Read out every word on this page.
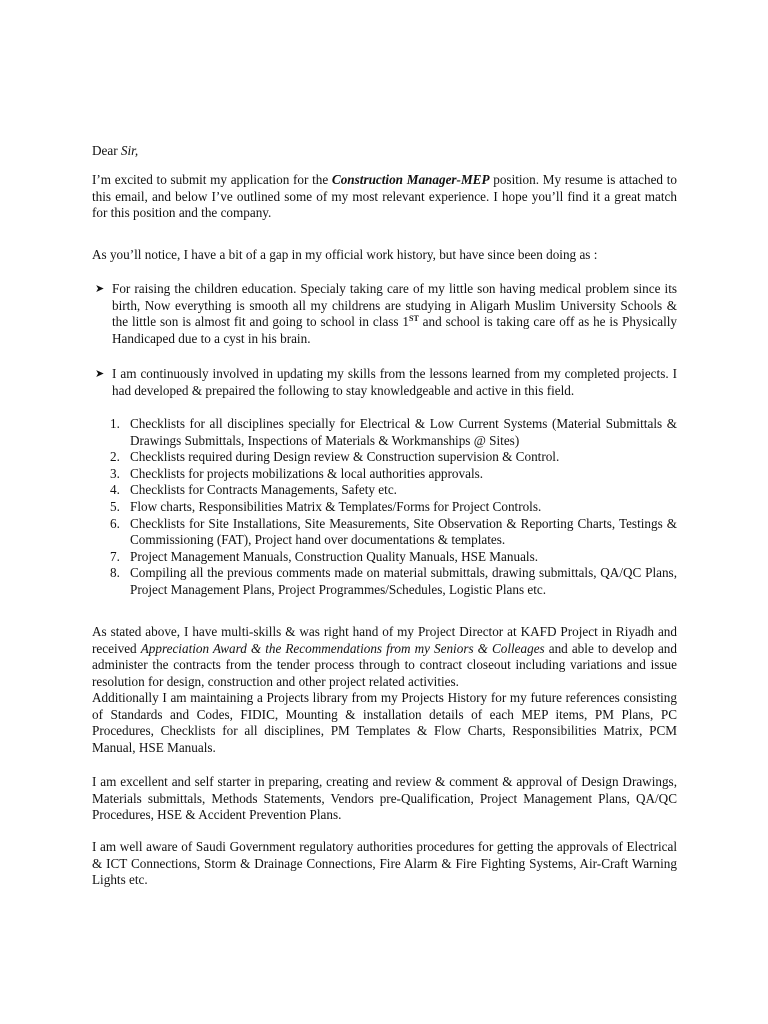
Dear Sir,

I’m excited to submit my application for the Construction Manager-MEP position. My resume is attached to this email, and below I’ve outlined some of my most relevant experience. I hope you’ll find it a great match for this position and the company.

As you’ll notice, I have a bit of a gap in my official work history, but have since been doing as :

➤ For raising the children education. Specialy taking care of my little son having medical problem since its birth, Now everything is smooth all my childrens are studying in Aligarh Muslim University Schools & the little son is almost fit and going to school in class 1ST and school is taking care off as he is Physically Handicaped due to a cyst in his brain.
➤ I am continuously involved in updating my skills from the lessons learned from my completed projects. I had developed & prepaired the following to stay knowledgeable and active in this field.
1. Checklists for all disciplines specially for Electrical & Low Current Systems (Material Submittals & Drawings Submittals, Inspections of Materials & Workmanships @ Sites)
2. Checklists required during Design review & Construction supervision & Control.
3. Checklists for projects mobilizations & local authorities approvals.
4. Checklists for Contracts Managements, Safety etc.
5. Flow charts, Responsibilities Matrix & Templates/Forms for Project Controls.
6. Checklists for Site Installations, Site Measurements, Site Observation & Reporting Charts, Testings & Commissioning (FAT), Project hand over documentations & templates.
7. Project Management Manuals, Construction Quality Manuals, HSE Manuals.
8. Compiling all the previous comments made on material submittals, drawing submittals, QA/QC Plans, Project Management Plans, Project Programmes/Schedules, Logistic Plans etc.

As stated above, I have multi-skills & was right hand of my Project Director at KAFD Project in Riyadh and received Appreciation Award & the Recommendations from my Seniors & Colleages and able to develop and administer the contracts from the tender process through to contract closeout including variations and issue resolution for design, construction and other project related activities.

Additionally I am maintaining a Projects library from my Projects History for my future references consisting of Standards and Codes, FIDIC, Mounting & installation details of each MEP items, PM Plans, PC Procedures, Checklists for all disciplines, PM Templates & Flow Charts, Responsibilities Matrix, PCM Manual, HSE Manuals.

I am excellent and self starter in preparing, creating and review & comment & approval of Design Drawings, Materials submittals, Methods Statements, Vendors pre-Qualification, Project Management Plans, QA/QC Procedures, HSE & Accident Prevention Plans.

I am well aware of Saudi Government regulatory authorities procedures for getting the approvals of Electrical & ICT Connections, Storm & Drainage Connections, Fire Alarm & Fire Fighting Systems, Air-Craft Warning Lights etc.
